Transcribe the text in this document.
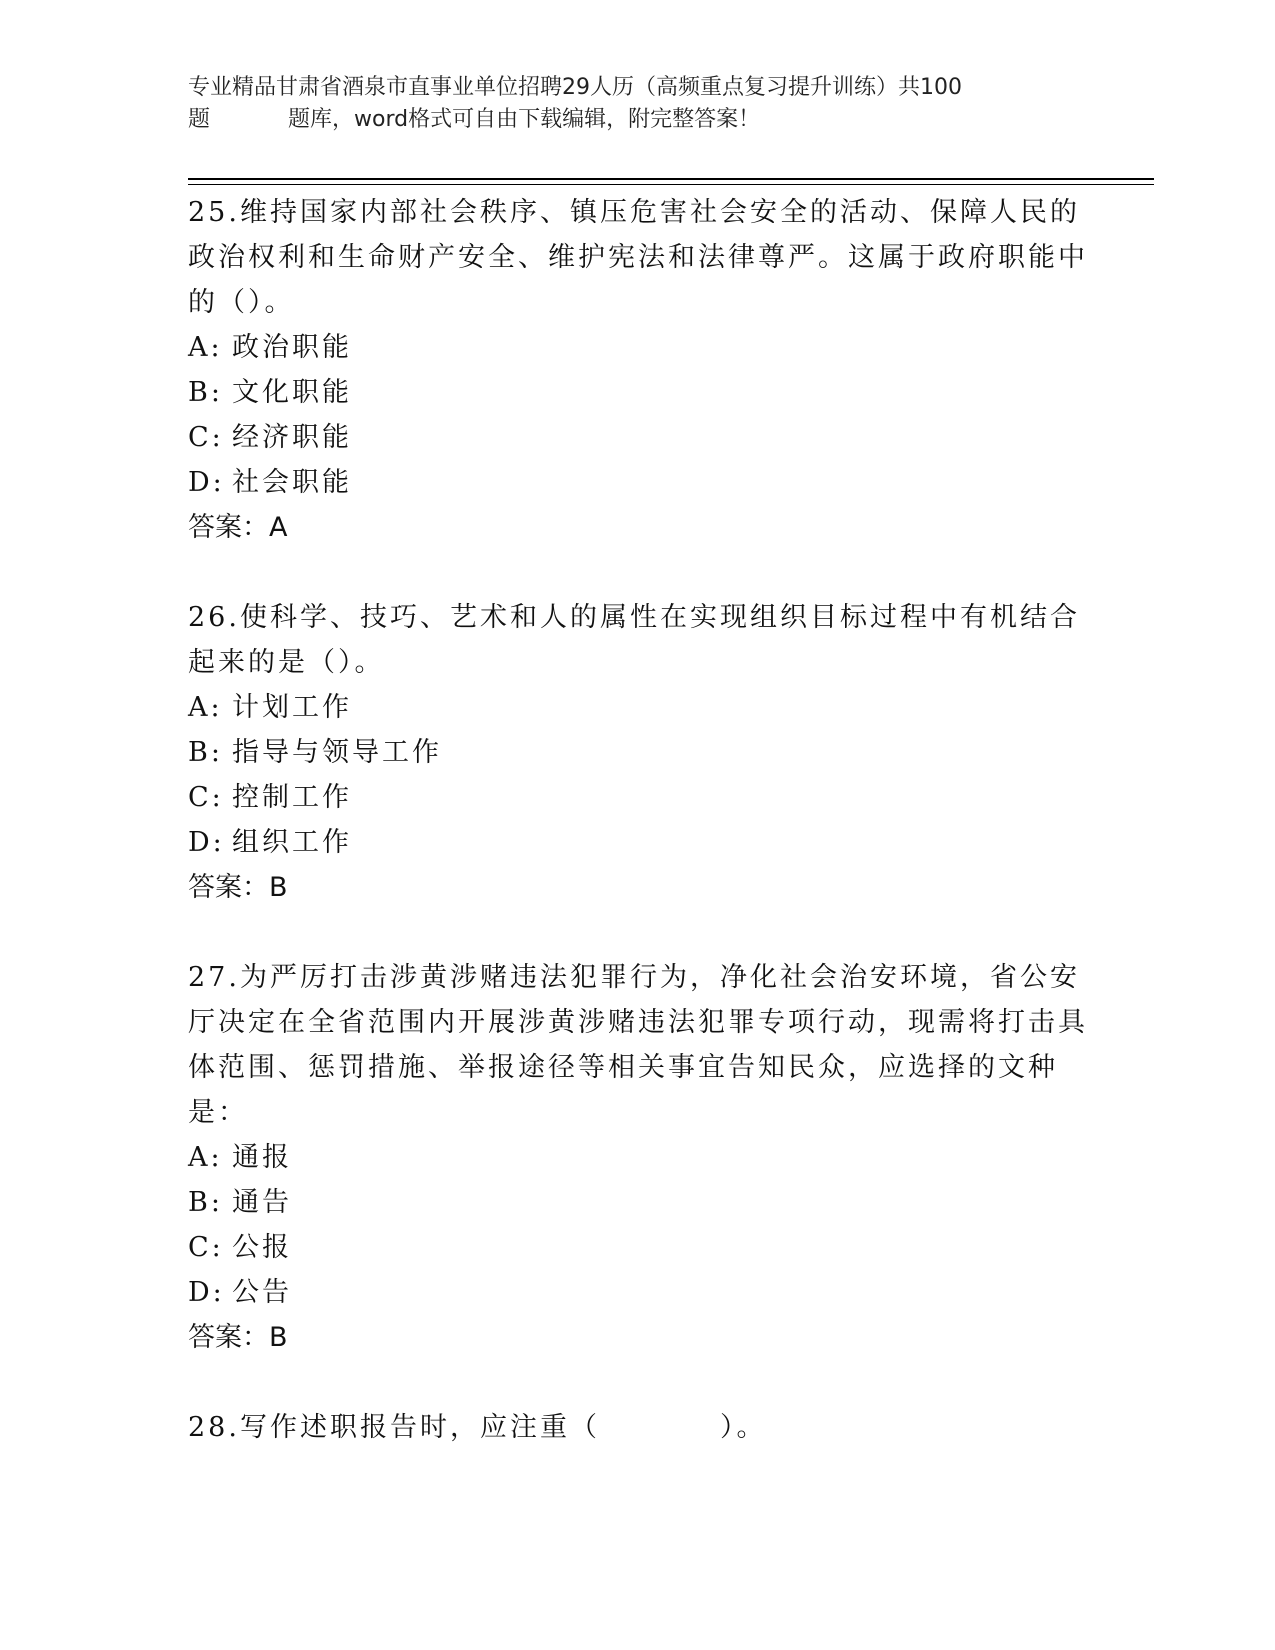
专业精品甘肃省酒泉市直事业单位招聘29人历（高频重点复习提升训练）共100
题	题库，word格式可自由下载编辑，附完整答案！

25.维持国家内部社会秩序、镇压危害社会安全的活动、保障人民的政治权利和生命财产安全、维护宪法和法律尊严。这属于政府职能中的（）。

A: 政治职能
B: 文化职能
C: 经济职能
D: 社会职能

答案：A

26.使科学、技巧、艺术和人的属性在实现组织目标过程中有机结合起来的是（）。

A: 计划工作
B: 指导与领导工作
C: 控制工作
D: 组织工作

答案：B

27.为严厉打击涉黄涉赌违法犯罪行为，净化社会治安环境，省公安厅决定在全省范围内开展涉黄涉赌违法犯罪专项行动，现需将打击具体范围、惩罚措施、举报途径等相关事宜告知民众，应选择的文种是：

A: 通报
B: 通告
C: 公报
D: 公告

答案：B

28.写作述职报告时，应注重（	）。
